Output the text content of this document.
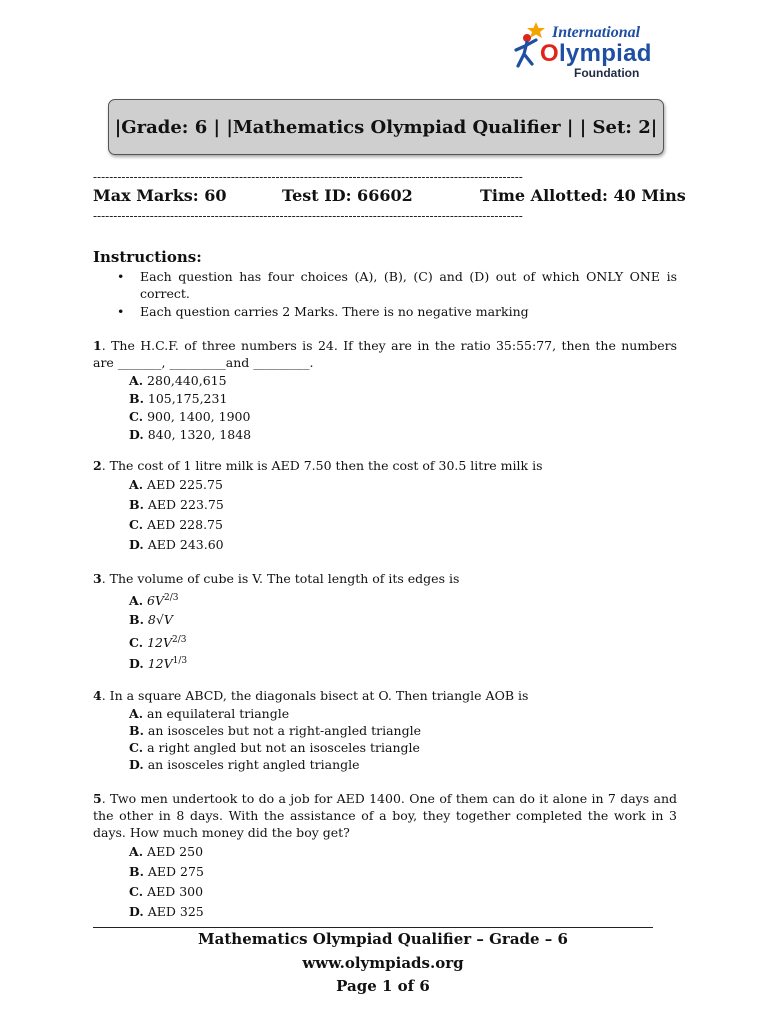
International
Olympiad
Foundation
|Grade: 6 | |Mathematics Olympiad Qualifier | | Set: 2|
----------------------------------------------------------------------------------------------------------
Max Marks: 60	Test ID: 66602	Time Allotted: 40 Mins
----------------------------------------------------------------------------------------------------------
Instructions:
• Each question has four choices (A), (B), (C) and (D) out of which ONLY ONE is correct.
• Each question carries 2 Marks. There is no negative marking
1. The H.C.F. of three numbers is 24. If they are in the ratio 35:55:77, then the numbers are _______, _________and _________.
A. 280,440,615
B. 105,175,231
C. 900, 1400, 1900
D. 840, 1320, 1848
2. The cost of 1 litre milk is AED 7.50 then the cost of 30.5 litre milk is
A. AED 225.75
B. AED 223.75
C. AED 228.75
D. AED 243.60
3. The volume of cube is V. The total length of its edges is
A. $6V^{2/3}$
B. 8√V
C. $12V^{2/3}$
D. $12V^{1/3}$
4. In a square ABCD, the diagonals bisect at O. Then triangle AOB is
A. an equilateral triangle
B. an isosceles but not a right-angled triangle
C. a right angled but not an isosceles triangle
D. an isosceles right angled triangle
5. Two men undertook to do a job for AED 1400. One of them can do it alone in 7 days and the other in 8 days. With the assistance of a boy, they together completed the work in 3 days. How much money did the boy get?
A. AED 250
B. AED 275
C. AED 300
D. AED 325
Mathematics Olympiad Qualifier – Grade – 6
www.olympiads.org
Page 1 of 6
